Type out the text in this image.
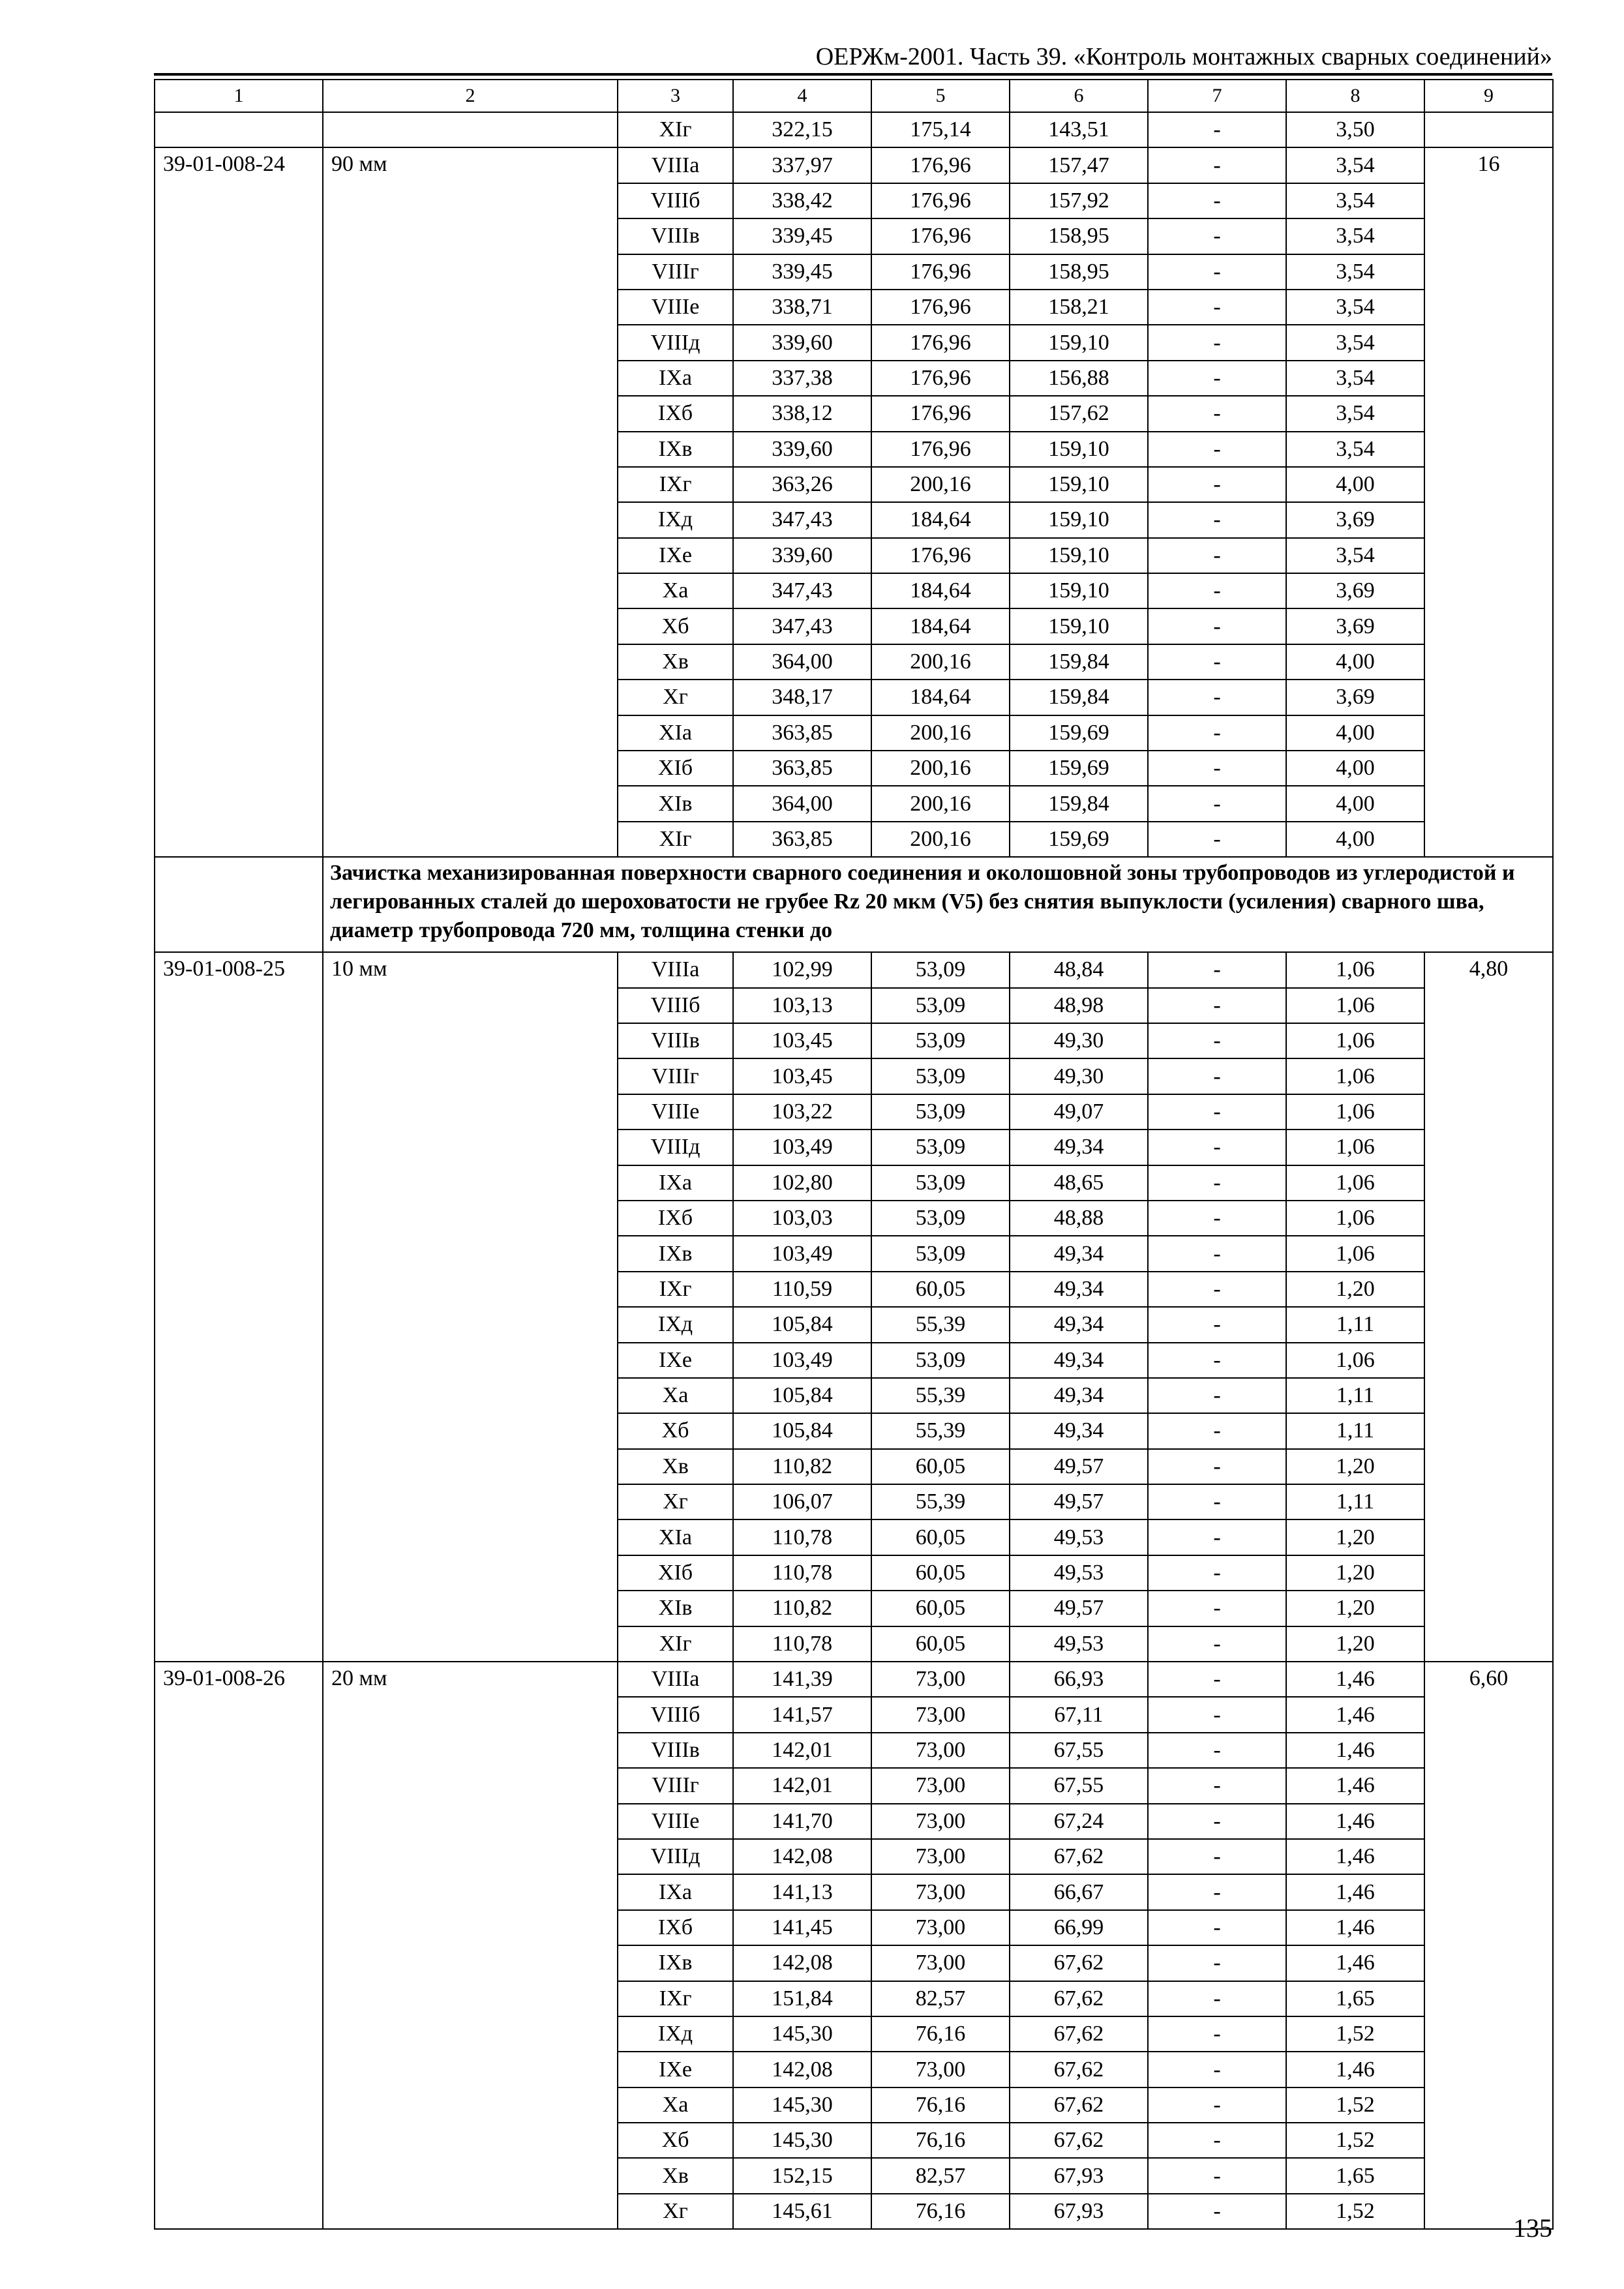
ОЕРЖм-2001. Часть 39. «Контроль монтажных сварных соединений»
1	2	3	4	5	6	7	8	9
		XIг	322,15	175,14	143,51	-	3,50	
39-01-008-24	90 мм	VIIIа	337,97	176,96	157,47	-	3,54	16
		VIIIб	338,42	176,96	157,92	-	3,54	
		VIIIв	339,45	176,96	158,95	-	3,54	
		VIIIг	339,45	176,96	158,95	-	3,54	
		VIIIе	338,71	176,96	158,21	-	3,54	
		VIIIд	339,60	176,96	159,10	-	3,54	
		IXа	337,38	176,96	156,88	-	3,54	
		IXб	338,12	176,96	157,62	-	3,54	
		IXв	339,60	176,96	159,10	-	3,54	
		IXг	363,26	200,16	159,10	-	4,00	
		IXд	347,43	184,64	159,10	-	3,69	
		IXе	339,60	176,96	159,10	-	3,54	
		Xа	347,43	184,64	159,10	-	3,69	
		Xб	347,43	184,64	159,10	-	3,69	
		Xв	364,00	200,16	159,84	-	4,00	
		Xг	348,17	184,64	159,84	-	3,69	
		XIа	363,85	200,16	159,69	-	4,00	
		XIб	363,85	200,16	159,69	-	4,00	
		XIв	364,00	200,16	159,84	-	4,00	
		XIг	363,85	200,16	159,69	-	4,00	
	Зачистка механизированная поверхности сварного соединения и околошовной зоны трубопроводов из углеродистой и легированных сталей до шероховатости не грубее Rz 20 мкм (V5) без снятия выпуклости (усиления) сварного шва, диаметр трубопровода 720 мм, толщина стенки до							
39-01-008-25	10 мм	VIIIа	102,99	53,09	48,84	-	1,06	4,80
		VIIIб	103,13	53,09	48,98	-	1,06	
		VIIIв	103,45	53,09	49,30	-	1,06	
		VIIIг	103,45	53,09	49,30	-	1,06	
		VIIIе	103,22	53,09	49,07	-	1,06	
		VIIIд	103,49	53,09	49,34	-	1,06	
		IXа	102,80	53,09	48,65	-	1,06	
		IXб	103,03	53,09	48,88	-	1,06	
		IXв	103,49	53,09	49,34	-	1,06	
		IXг	110,59	60,05	49,34	-	1,20	
		IXд	105,84	55,39	49,34	-	1,11	
		IXе	103,49	53,09	49,34	-	1,06	
		Xа	105,84	55,39	49,34	-	1,11	
		Xб	105,84	55,39	49,34	-	1,11	
		Xв	110,82	60,05	49,57	-	1,20	
		Xг	106,07	55,39	49,57	-	1,11	
		XIа	110,78	60,05	49,53	-	1,20	
		XIб	110,78	60,05	49,53	-	1,20	
		XIв	110,82	60,05	49,57	-	1,20	
		XIг	110,78	60,05	49,53	-	1,20	
39-01-008-26	20 мм	VIIIа	141,39	73,00	66,93	-	1,46	6,60
		VIIIб	141,57	73,00	67,11	-	1,46	
		VIIIв	142,01	73,00	67,55	-	1,46	
		VIIIг	142,01	73,00	67,55	-	1,46	
		VIIIе	141,70	73,00	67,24	-	1,46	
		VIIIд	142,08	73,00	67,62	-	1,46	
		IXа	141,13	73,00	66,67	-	1,46	
		IXб	141,45	73,00	66,99	-	1,46	
		IXв	142,08	73,00	67,62	-	1,46	
		IXг	151,84	82,57	67,62	-	1,65	
		IXд	145,30	76,16	67,62	-	1,52	
		IXе	142,08	73,00	67,62	-	1,46	
		Xа	145,30	76,16	67,62	-	1,52	
		Xб	145,30	76,16	67,62	-	1,52	
		Xв	152,15	82,57	67,93	-	1,65	
		Xг	145,61	76,16	67,93	-	1,52	
135
